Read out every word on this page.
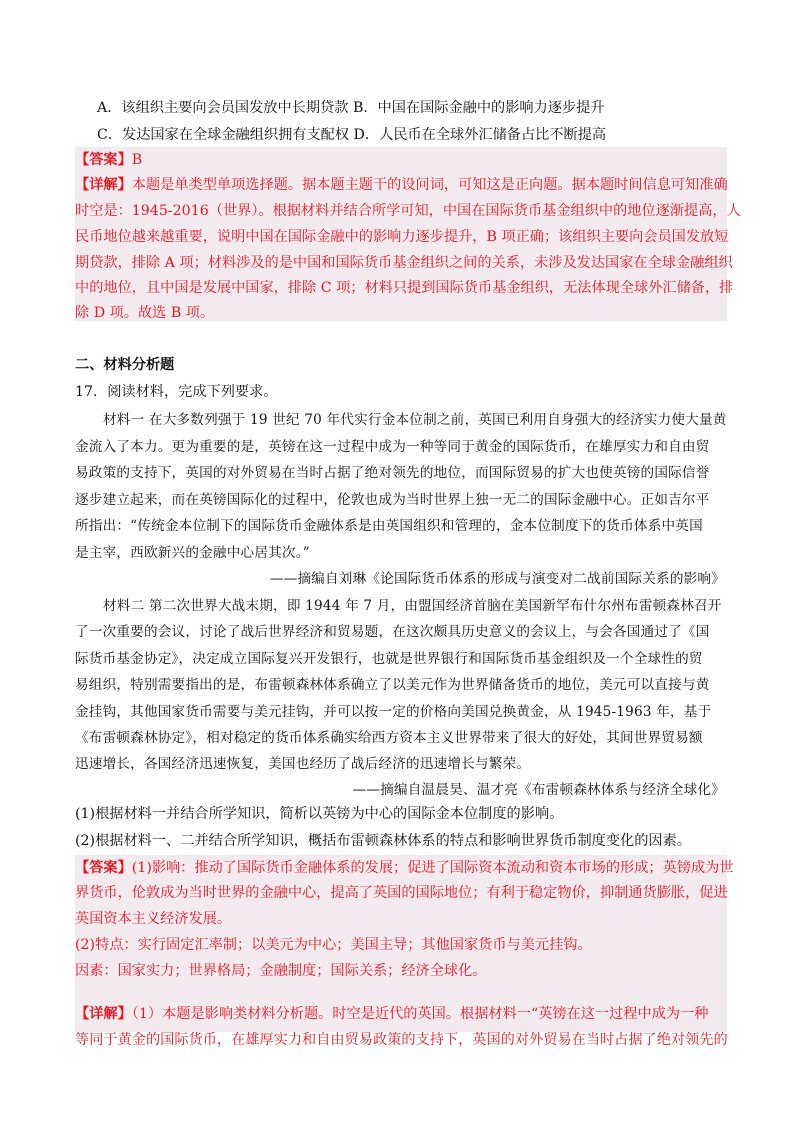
A．该组织主要向会员国发放中长期贷款 B．中国在国际金融中的影响力逐步提升
C．发达国家在全球金融组织拥有支配权 D．人民币在全球外汇储备占比不断提高
【答案】B
【详解】本题是单类型单项选择题。据本题主题干的设问词，可知这是正向题。据本题时间信息可知准确
时空是：1945-2016（世界）。根据材料并结合所学可知，中国在国际货币基金组织中的地位逐渐提高，人
民币地位越来越重要，说明中国在国际金融中的影响力逐步提升，B 项正确；该组织主要向会员国发放短
期贷款，排除 A 项；材料涉及的是中国和国际货币基金组织之间的关系，未涉及发达国家在全球金融组织
中的地位，且中国是发展中国家，排除 C 项；材料只提到国际货币基金组织，无法体现全球外汇储备，排
除 D 项。故选 B 项。
二、材料分析题
17．阅读材料，完成下列要求。
材料一 在大多数列强于 19 世纪 70 年代实行金本位制之前，英国已利用自身强大的经济实力使大量黄
金流入了本力。更为重要的是，英镑在这一过程中成为一种等同于黄金的国际货币，在雄厚实力和自由贸
易政策的支持下，英国的对外贸易在当时占据了绝对领先的地位，而国际贸易的扩大也使英镑的国际信誉
逐步建立起来，而在英镑国际化的过程中，伦敦也成为当时世界上独一无二的国际金融中心。正如吉尔平
所指出：“传统金本位制下的国际货币金融体系是由英国组织和管理的，金本位制度下的货币体系中英国
是主宰，西欧新兴的金融中心居其次。”
——摘编自刘琳《论国际货币体系的形成与演变对二战前国际关系的影响》
材料二 第二次世界大战末期，即 1944 年 7 月，由盟国经济首脑在美国新罕布什尔州布雷顿森林召开
了一次重要的会议，讨论了战后世界经济和贸易题，在这次颇具历史意义的会议上，与会各国通过了《国
际货币基金协定》，决定成立国际复兴开发银行，也就是世界银行和国际货币基金组织及一个全球性的贸
易组织，特别需要指出的是，布雷顿森林体系确立了以美元作为世界储备货币的地位，美元可以直接与黄
金挂钩，其他国家货币需要与美元挂钩，并可以按一定的价格向美国兑换黄金，从 1945-1963 年，基于
《布雷顿森林协定》，相对稳定的货币体系确实给西方资本主义世界带来了很大的好处，其间世界贸易额
迅速增长，各国经济迅速恢复，美国也经历了战后经济的迅速增长与繁荣。
——摘编自温晨昊、温才亮《布雷顿森林体系与经济全球化》
(1)根据材料一并结合所学知识，简析以英镑为中心的国际金本位制度的影响。
(2)根据材料一、二并结合所学知识，概括布雷顿森林体系的特点和影响世界货币制度变化的因素。
【答案】(1)影响：推动了国际货币金融体系的发展；促进了国际资本流动和资本市场的形成；英镑成为世
界货币，伦敦成为当时世界的金融中心，提高了英国的国际地位；有利于稳定物价，抑制通货膨胀，促进
英国资本主义经济发展。
(2)特点：实行固定汇率制；以美元为中心；美国主导；其他国家货币与美元挂钩。
因素：国家实力；世界格局；金融制度；国际关系；经济全球化。
【详解】（1）本题是影响类材料分析题。时空是近代的英国。根据材料一“英镑在这一过程中成为一种
等同于黄金的国际货币，在雄厚实力和自由贸易政策的支持下，英国的对外贸易在当时占据了绝对领先的
